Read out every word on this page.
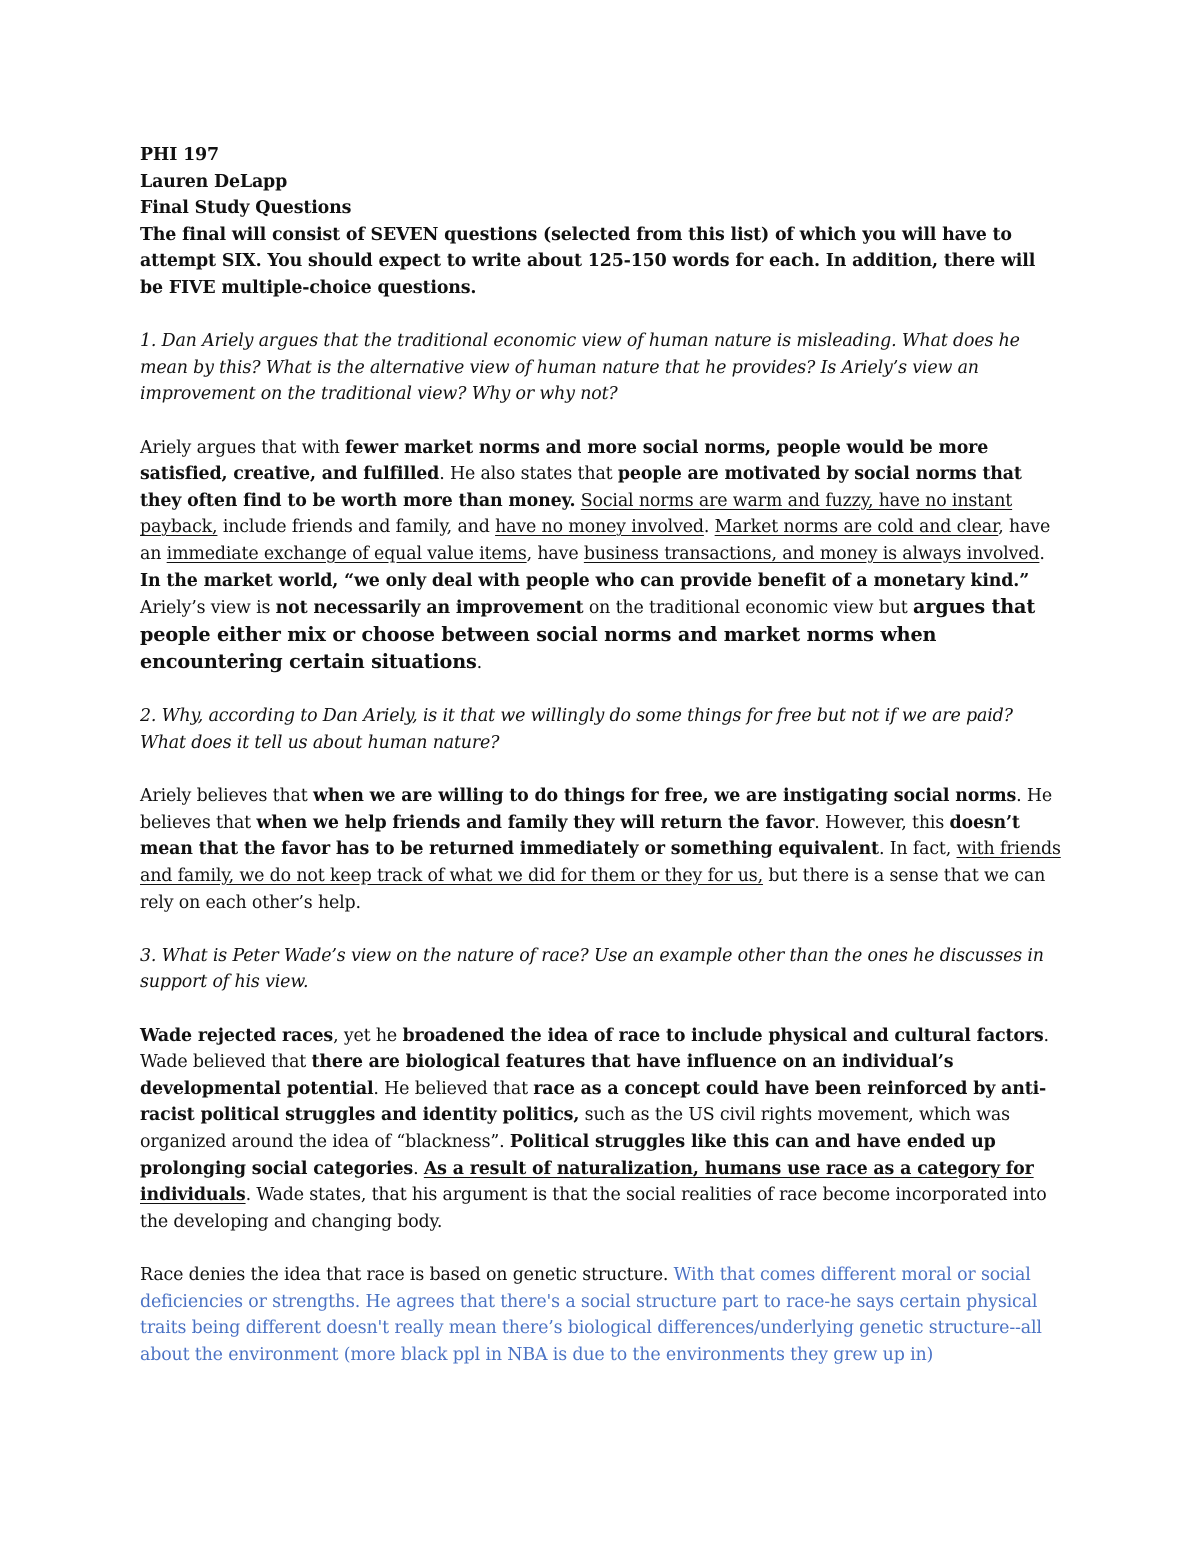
PHI 197

Lauren DeLapp

Final Study Questions

The final will consist of SEVEN questions (selected from this list) of which you will have to attempt SIX. You should expect to write about 125-150 words for each. In addition, there will be FIVE multiple-choice questions.

1. Dan Ariely argues that the traditional economic view of human nature is misleading. What does he mean by this? What is the alternative view of human nature that he provides? Is Ariely’s view an improvement on the traditional view? Why or why not?

Ariely argues that with fewer market norms and more social norms, people would be more satisfied, creative, and fulfilled. He also states that people are motivated by social norms that they often find to be worth more than money. Social norms are warm and fuzzy, have no instant payback, include friends and family, and have no money involved. Market norms are cold and clear, have an immediate exchange of equal value items, have business transactions, and money is always involved. In the market world, “we only deal with people who can provide benefit of a monetary kind.” Ariely’s view is not necessarily an improvement on the traditional economic view but argues that people either mix or choose between social norms and market norms when encountering certain situations.

2. Why, according to Dan Ariely, is it that we willingly do some things for free but not if we are paid? What does it tell us about human nature?

Ariely believes that when we are willing to do things for free, we are instigating social norms. He believes that when we help friends and family they will return the favor. However, this doesn’t mean that the favor has to be returned immediately or something equivalent. In fact, with friends and family, we do not keep track of what we did for them or they for us, but there is a sense that we can rely on each other’s help.

3. What is Peter Wade’s view on the nature of race? Use an example other than the ones he discusses in support of his view.

Wade rejected races, yet he broadened the idea of race to include physical and cultural factors. Wade believed that there are biological features that have influence on an individual’s developmental potential. He believed that race as a concept could have been reinforced by anti-racist political struggles and identity politics, such as the US civil rights movement, which was organized around the idea of “blackness”. Political struggles like this can and have ended up prolonging social categories. As a result of naturalization, humans use race as a category for individuals. Wade states, that his argument is that the social realities of race become incorporated into the developing and changing body.

Race denies the idea that race is based on genetic structure. With that comes different moral or social deficiencies or strengths. He agrees that there's a social structure part to race-he says certain physical traits being different doesn't really mean there’s biological differences/underlying genetic structure--all about the environment (more black ppl in NBA is due to the environments they grew up in)
